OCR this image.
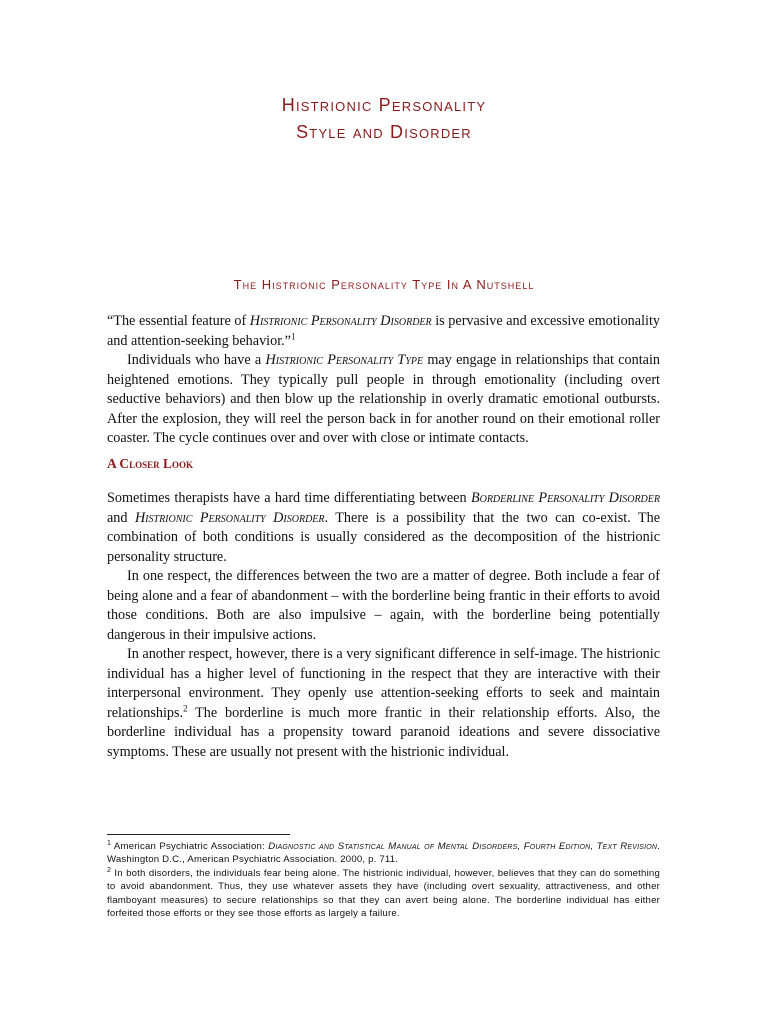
Histrionic Personality
Style and Disorder
The Histrionic Personality Type In A Nutshell

“The essential feature of Histrionic Personality Disorder is pervasive and excessive emotionality and attention-seeking behavior.”$^1$

Individuals who have a Histrionic Personality Type may engage in relationships that contain heightened emotions. They typically pull people in through emotionality (including overt seductive behaviors) and then blow up the relationship in overly dramatic emotional outbursts. After the explosion, they will reel the person back in for another round on their emotional roller coaster. The cycle continues over and over with close or intimate contacts.

A Closer Look

Sometimes therapists have a hard time differentiating between Borderline Personality Disorder and Histrionic Personality Disorder. There is a possibility that the two can co-exist. The combination of both conditions is usually considered as the decomposition of the histrionic personality structure.

In one respect, the differences between the two are a matter of degree. Both include a fear of being alone and a fear of abandonment – with the borderline being frantic in their efforts to avoid those conditions. Both are also impulsive – again, with the borderline being potentially dangerous in their impulsive actions.

In another respect, however, there is a very significant difference in self-image. The histrionic individual has a higher level of functioning in the respect that they are interactive with their interpersonal environment. They openly use attention-seeking efforts to seek and maintain relationships.$^2$ The borderline is much more frantic in their relationship efforts. Also, the borderline individual has a propensity toward paranoid ideations and severe dissociative symptoms. These are usually not present with the histrionic individual.

$^1$ American Psychiatric Association: Diagnostic and Statistical Manual of Mental Disorders, Fourth Edition, Text Revision. Washington D.C., American Psychiatric Association. 2000, p. 711.

$^2$ In both disorders, the individuals fear being alone. The histrionic individual, however, believes that they can do something to avoid abandonment. Thus, they use whatever assets they have (including overt sexuality, attractiveness, and other flamboyant measures) to secure relationships so that they can avert being alone. The borderline individual has either forfeited those efforts or they see those efforts as largely a failure.
